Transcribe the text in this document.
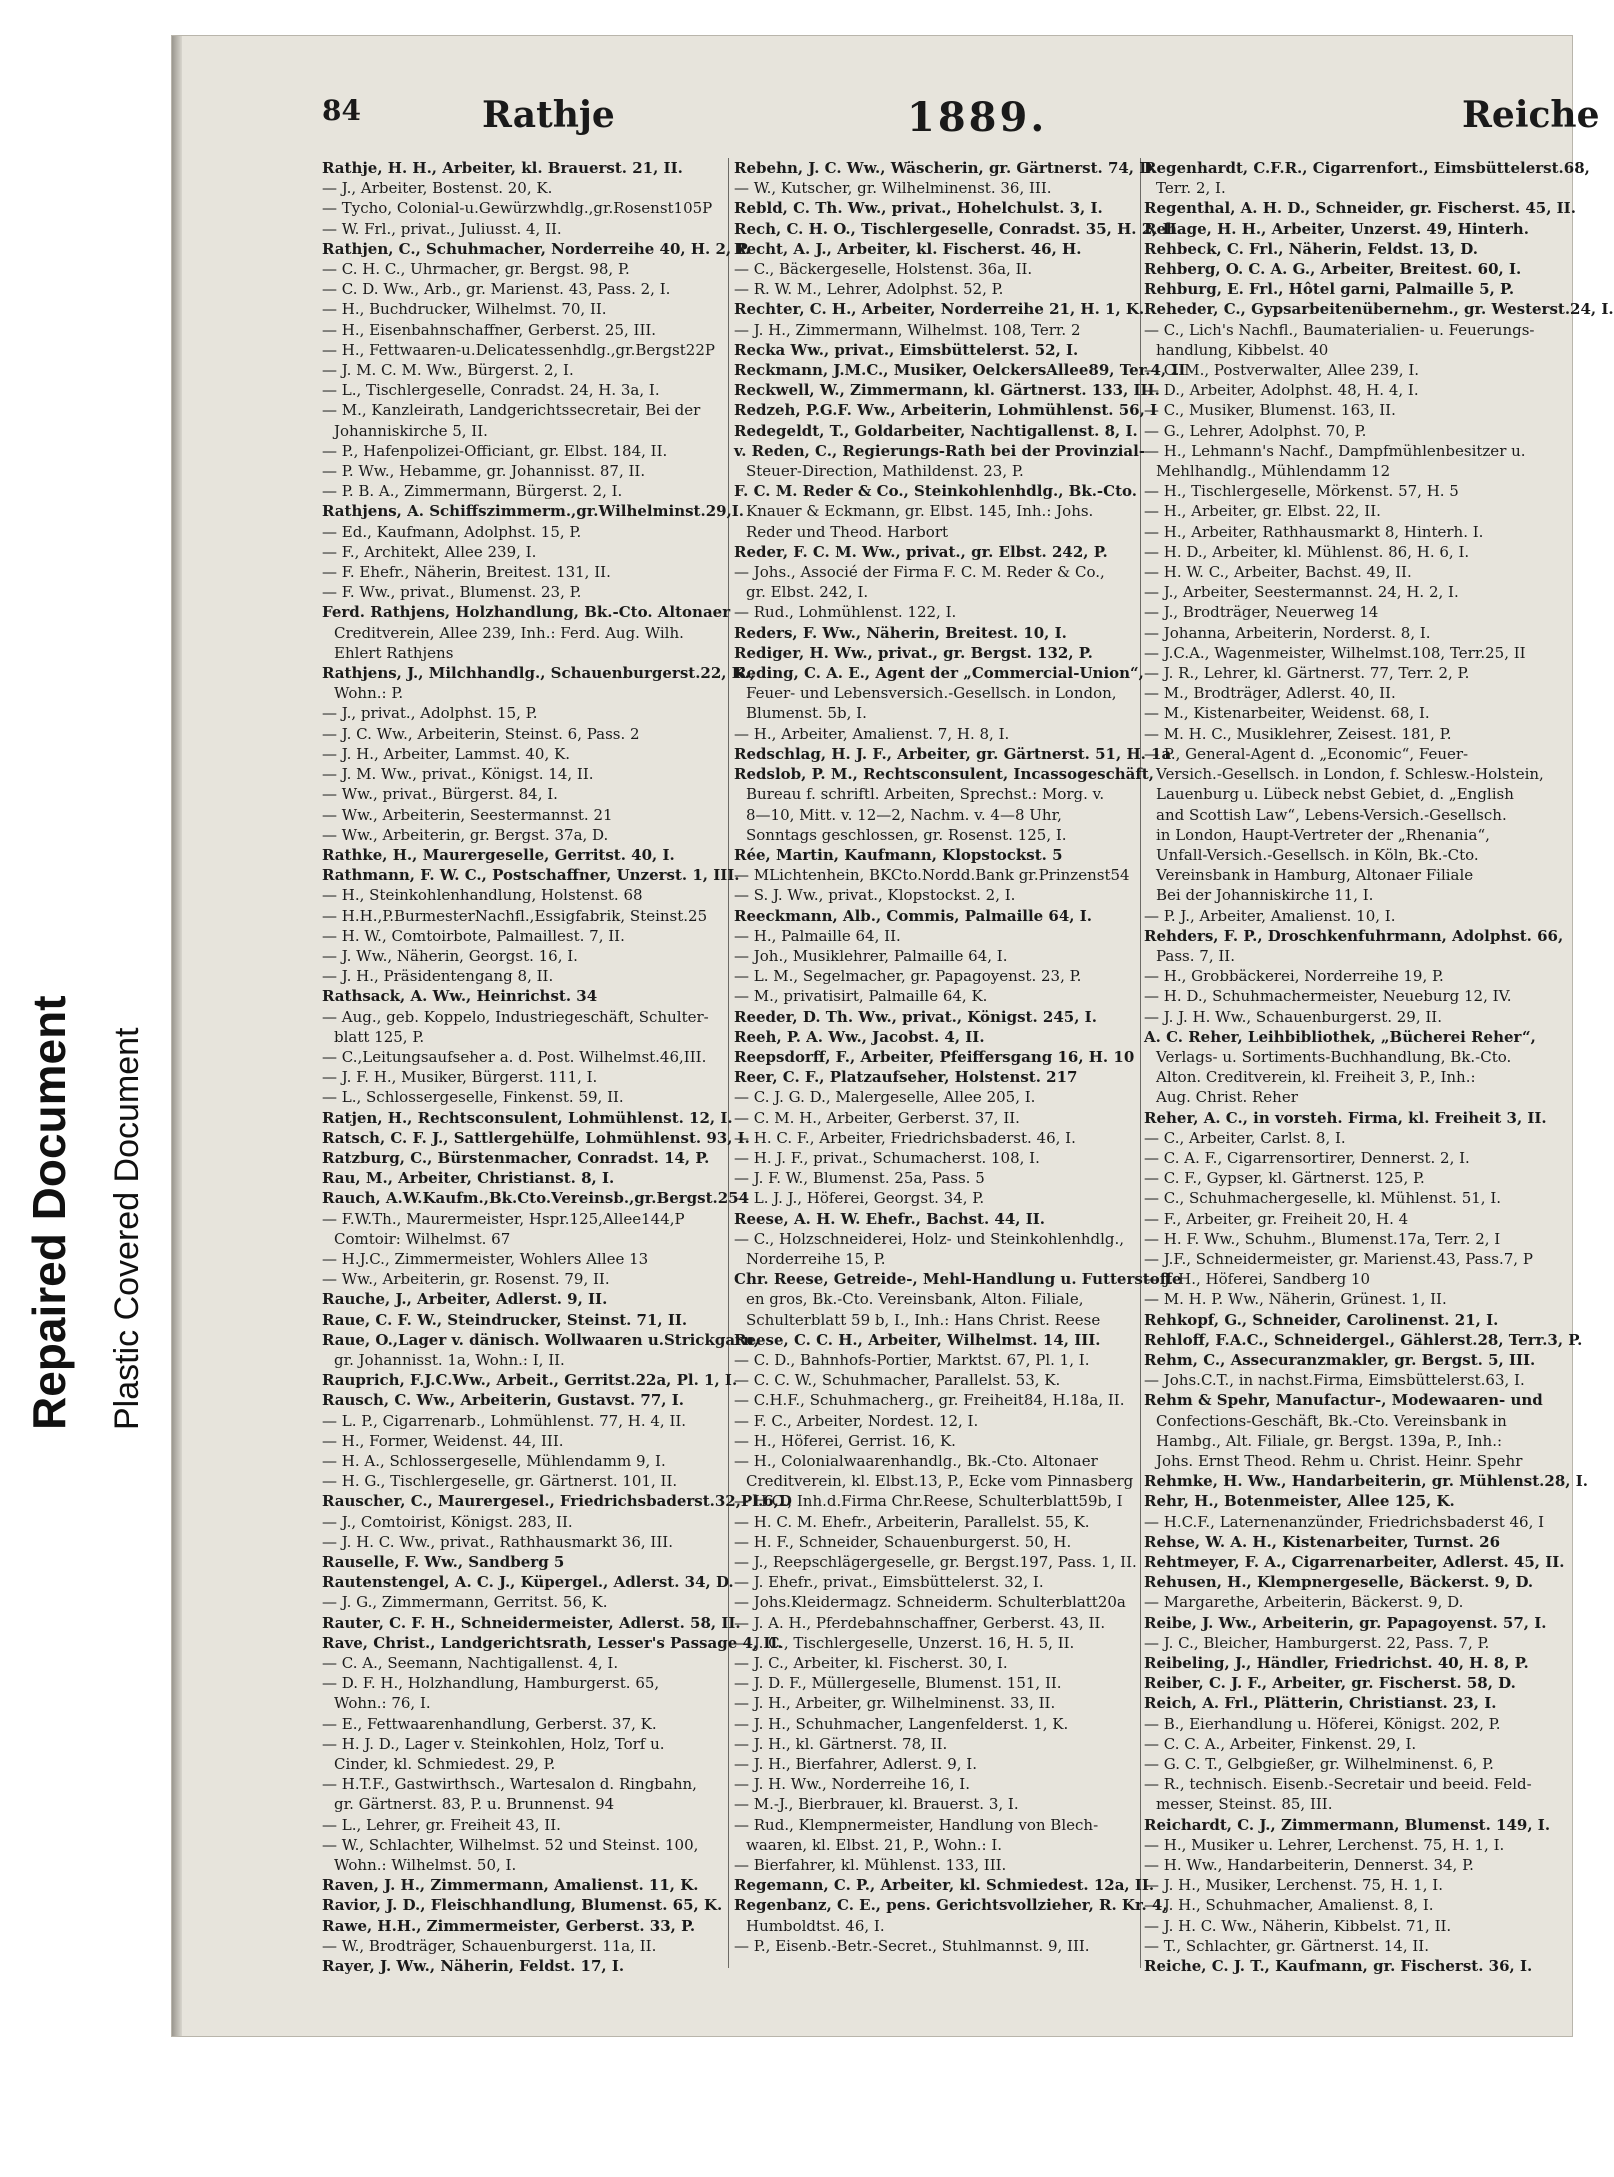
Repaired Document Plastic Covered Document
84	Rathje	1889.	Reiche

Rathje, H. H., Arbeiter, kl. Brauerst. 21, II.

— J., Arbeiter, Bostenst. 20, K.

— Tycho, Colonial-u.Gewürzwhdlg.,gr.Rosenst105P

— W. Frl., privat., Juliusst. 4, II.

Rathjen, C., Schuhmacher, Norderreihe 40, H. 2, P.

— C. H. C., Uhrmacher, gr. Bergst. 98, P.

— C. D. Ww., Arb., gr. Marienst. 43, Pass. 2, I.

— H., Buchdrucker, Wilhelmst. 70, II.

— H., Eisenbahnschaffner, Gerberst. 25, III.

— H., Fettwaaren-u.Delicatessenhdlg.,gr.Bergst22P

— J. M. C. M. Ww., Bürgerst. 2, I.

— L., Tischlergeselle, Conradst. 24, H. 3a, I.

— M., Kanzleirath, Landgerichtssecretair, Bei der

Johanniskirche 5, II.

— P., Hafenpolizei-Officiant, gr. Elbst. 184, II.

— P. Ww., Hebamme, gr. Johannisst. 87, II.

— P. B. A., Zimmermann, Bürgerst. 2, I.

Rathjens, A. Schiffszimmerm.,gr.Wilhelminst.29,I.

— Ed., Kaufmann, Adolphst. 15, P.

— F., Architekt, Allee 239, I.

— F. Ehefr., Näherin, Breitest. 131, II.

— F. Ww., privat., Blumenst. 23, P.

Ferd. Rathjens, Holzhandlung, Bk.-Cto. Altonaer

Creditverein, Allee 239, Inh.: Ferd. Aug. Wilh.

Ehlert Rathjens

Rathjens, J., Milchhandlg., Schauenburgerst.22, K.,

Wohn.: P.

— J., privat., Adolphst. 15, P.

— J. C. Ww., Arbeiterin, Steinst. 6, Pass. 2

— J. H., Arbeiter, Lammst. 40, K.

— J. M. Ww., privat., Königst. 14, II.

— Ww., privat., Bürgerst. 84, I.

— Ww., Arbeiterin, Seestermannst. 21

— Ww., Arbeiterin, gr. Bergst. 37a, D.

Rathke, H., Maurergeselle, Gerritst. 40, I.

Rathmann, F. W. C., Postschaffner, Unzerst. 1, III.

— H., Steinkohlenhandlung, Holstenst. 68

— H.H.,P.BurmesterNachfl.,Essigfabrik, Steinst.25

— H. W., Comtoirbote, Palmaillest. 7, II.

— J. Ww., Näherin, Georgst. 16, I.

— J. H., Präsidentengang 8, II.

Rathsack, A. Ww., Heinrichst. 34

— Aug., geb. Koppelo, Industriegeschäft, Schulter-

blatt 125, P.

— C.,Leitungsaufseher a. d. Post. Wilhelmst.46,III.

— J. F. H., Musiker, Bürgerst. 111, I.

— L., Schlossergeselle, Finkenst. 59, II.

Ratjen, H., Rechtsconsulent, Lohmühlenst. 12, I.

Ratsch, C. F. J., Sattlergehülfe, Lohmühlenst. 93, I.

Ratzburg, C., Bürstenmacher, Conradst. 14, P.

Rau, M., Arbeiter, Christianst. 8, I.

Rauch, A.W.Kaufm.,Bk.Cto.Vereinsb.,gr.Bergst.254

— F.W.Th., Maurermeister, Hspr.125,Allee144,P

Comtoir: Wilhelmst. 67

— H.J.C., Zimmermeister, Wohlers Allee 13

— Ww., Arbeiterin, gr. Rosenst. 79, II.

Rauche, J., Arbeiter, Adlerst. 9, II.

Raue, C. F. W., Steindrucker, Steinst. 71, II.

Raue, O.,Lager v. dänisch. Wollwaaren u.Strickgarn,

gr. Johannisst. 1a, Wohn.: I, II.

Rauprich, F.J.C.Ww., Arbeit., Gerritst.22a, Pl. 1, I.

Rausch, C. Ww., Arbeiterin, Gustavst. 77, I.

— L. P., Cigarrenarb., Lohmühlenst. 77, H. 4, II.

— H., Former, Weidenst. 44, III.

— H. A., Schlossergeselle, Mühlendamm 9, I.

— H. G., Tischlergeselle, gr. Gärtnerst. 101, II.

Rauscher, C., Maurergesel., Friedrichsbaderst.32,Pl.6,D

— J., Comtoirist, Königst. 283, II.

— J. H. C. Ww., privat., Rathhausmarkt 36, III.

Rauselle, F. Ww., Sandberg 5

Rautenstengel, A. C. J., Küpergel., Adlerst. 34, D.

— J. G., Zimmermann, Gerritst. 56, K.

Rauter, C. F. H., Schneidermeister, Adlerst. 58, II.

Rave, Christ., Landgerichtsrath, Lesser's Passage 4, II.

— C. A., Seemann, Nachtigallenst. 4, I.

— D. F. H., Holzhandlung, Hamburgerst. 65,

Wohn.: 76, I.

— E., Fettwaarenhandlung, Gerberst. 37, K.

— H. J. D., Lager v. Steinkohlen, Holz, Torf u.

Cinder, kl. Schmiedest. 29, P.

— H.T.F., Gastwirthsch., Wartesalon d. Ringbahn,

gr. Gärtnerst. 83, P. u. Brunnenst. 94

— L., Lehrer, gr. Freiheit 43, II.

— W., Schlachter, Wilhelmst. 52 und Steinst. 100,

Wohn.: Wilhelmst. 50, I.

Raven, J. H., Zimmermann, Amalienst. 11, K.

Ravior, J. D., Fleischhandlung, Blumenst. 65, K.

Rawe, H.H., Zimmermeister, Gerberst. 33, P.

— W., Brodträger, Schauenburgerst. 11a, II.

Rayer, J. Ww., Näherin, Feldst. 17, I.

Rebehn, J. C. Ww., Wäscherin, gr. Gärtnerst. 74, D.

— W., Kutscher, gr. Wilhelminenst. 36, III.

Rebld, C. Th. Ww., privat., Hohelchulst. 3, I.

Rech, C. H. O., Tischlergeselle, Conradst. 35, H. 2, II.

Recht, A. J., Arbeiter, kl. Fischerst. 46, H.

— C., Bäckergeselle, Holstenst. 36a, II.

— R. W. M., Lehrer, Adolphst. 52, P.

Rechter, C. H., Arbeiter, Norderreihe 21, H. 1, K.

— J. H., Zimmermann, Wilhelmst. 108, Terr. 2

Recka Ww., privat., Eimsbüttelerst. 52, I.

Reckmann, J.M.C., Musiker, OelckersAllee89, Ter.4, II

Reckwell, W., Zimmermann, kl. Gärtnerst. 133, III.

Redzeh, P.G.F. Ww., Arbeiterin, Lohmühlenst. 56, I

Redegeldt, T., Goldarbeiter, Nachtigallenst. 8, I.

v. Reden, C., Regierungs-Rath bei der Provinzial-

Steuer-Direction, Mathildenst. 23, P.

F. C. M. Reder & Co., Steinkohlenhdlg., Bk.-Cto.

Knauer & Eckmann, gr. Elbst. 145, Inh.: Johs.

Reder und Theod. Harbort

Reder, F. C. M. Ww., privat., gr. Elbst. 242, P.

— Johs., Associé der Firma F. C. M. Reder & Co.,

gr. Elbst. 242, I.

— Rud., Lohmühlenst. 122, I.

Reders, F. Ww., Näherin, Breitest. 10, I.

Rediger, H. Ww., privat., gr. Bergst. 132, P.

Reding, C. A. E., Agent der „Commercial-Union“,

Feuer- und Lebensversich.-Gesellsch. in London,

Blumenst. 5b, I.

— H., Arbeiter, Amalienst. 7, H. 8, I.

Redschlag, H. J. F., Arbeiter, gr. Gärtnerst. 51, H. 1a

Redslob, P. M., Rechtsconsulent, Incassogeschäft,

Bureau f. schriftl. Arbeiten, Sprechst.: Morg. v.

8—10, Mitt. v. 12—2, Nachm. v. 4—8 Uhr,

Sonntags geschlossen, gr. Rosenst. 125, I.

Rée, Martin, Kaufmann, Klopstockst. 5

— MLichtenhein, BKCto.Nordd.Bank gr.Prinzenst54

— S. J. Ww., privat., Klopstockst. 2, I.

Reeckmann, Alb., Commis, Palmaille 64, I.

— H., Palmaille 64, II.

— Joh., Musiklehrer, Palmaille 64, I.

— L. M., Segelmacher, gr. Papagoyenst. 23, P.

— M., privatisirt, Palmaille 64, K.

Reeder, D. Th. Ww., privat., Königst. 245, I.

Reeh, P. A. Ww., Jacobst. 4, II.

Reepsdorff, F., Arbeiter, Pfeiffersgang 16, H. 10

Reer, C. F., Platzaufseher, Holstenst. 217

— C. J. G. D., Malergeselle, Allee 205, I.

— C. M. H., Arbeiter, Gerberst. 37, II.

— H. C. F., Arbeiter, Friedrichsbaderst. 46, I.

— H. J. F., privat., Schumacherst. 108, I.

— J. F. W., Blumenst. 25a, Pass. 5

— L. J. J., Höferei, Georgst. 34, P.

Reese, A. H. W. Ehefr., Bachst. 44, II.

— C., Holzschneiderei, Holz- und Steinkohlenhdlg.,

Norderreihe 15, P.

Chr. Reese, Getreide-, Mehl-Handlung u. Futterstoffe

en gros, Bk.-Cto. Vereinsbank, Alton. Filiale,

Schulterblatt 59 b, I., Inh.: Hans Christ. Reese

Reese, C. C. H., Arbeiter, Wilhelmst. 14, III.

— C. D., Bahnhofs-Portier, Marktst. 67, Pl. 1, I.

— C. C. W., Schuhmacher, Parallelst. 53, K.

— C.H.F., Schuhmacherg., gr. Freiheit84, H.18a, II.

— F. C., Arbeiter, Nordest. 12, I.

— H., Höferei, Gerrist. 16, K.

— H., Colonialwaarenhandlg., Bk.-Cto. Altonaer

Creditverein, kl. Elbst.13, P., Ecke vom Pinnasberg

— H.C., Inh.d.Firma Chr.Reese, Schulterblatt59b, I

— H. C. M. Ehefr., Arbeiterin, Parallelst. 55, K.

— H. F., Schneider, Schauenburgerst. 50, H.

— J., Reepschlägergeselle, gr. Bergst.197, Pass. 1, II.

— J. Ehefr., privat., Eimsbüttelerst. 32, I.

— Johs.Kleidermagz. Schneiderm. Schulterblatt20a

— J. A. H., Pferdebahnschaffner, Gerberst. 43, II.

— J. C., Tischlergeselle, Unzerst. 16, H. 5, II.

— J. C., Arbeiter, kl. Fischerst. 30, I.

— J. D. F., Müllergeselle, Blumenst. 151, II.

— J. H., Arbeiter, gr. Wilhelminenst. 33, II.

— J. H., Schuhmacher, Langenfelderst. 1, K.

— J. H., kl. Gärtnerst. 78, II.

— J. H., Bierfahrer, Adlerst. 9, I.

— J. H. Ww., Norderreihe 16, I.

— M.-J., Bierbrauer, kl. Brauerst. 3, I.

— Rud., Klempnermeister, Handlung von Blech-

waaren, kl. Elbst. 21, P., Wohn.: I.

— Bierfahrer, kl. Mühlenst. 133, III.

Regemann, C. P., Arbeiter, kl. Schmiedest. 12a, II.

Regenbanz, C. E., pens. Gerichtsvollzieher, R. Kr. 4,

Humboldtst. 46, I.

— P., Eisenb.-Betr.-Secret., Stuhlmannst. 9, III.

Regenhardt, C.F.R., Cigarrenfort., Eimsbüttelerst.68,

Terr. 2, I.

Regenthal, A. H. D., Schneider, gr. Fischerst. 45, II.

Rehage, H. H., Arbeiter, Unzerst. 49, Hinterh.

Rehbeck, C. Frl., Näherin, Feldst. 13, D.

Rehberg, O. C. A. G., Arbeiter, Breitest. 60, I.

Rehburg, E. Frl., Hôtel garni, Palmaille 5, P.

Reheder, C., Gypsarbeitenübernehm., gr. Westerst.24, I.

— C., Lich's Nachfl., Baumaterialien- u. Feuerungs-

handlung, Kibbelst. 40

— C. M., Postverwalter, Allee 239, I.

— D., Arbeiter, Adolphst. 48, H. 4, I.

— C., Musiker, Blumenst. 163, II.

— G., Lehrer, Adolphst. 70, P.

— H., Lehmann's Nachf., Dampfmühlenbesitzer u.

Mehlhandlg., Mühlendamm 12

— H., Tischlergeselle, Mörkenst. 57, H. 5

— H., Arbeiter, gr. Elbst. 22, II.

— H., Arbeiter, Rathhausmarkt 8, Hinterh. I.

— H. D., Arbeiter, kl. Mühlenst. 86, H. 6, I.

— H. W. C., Arbeiter, Bachst. 49, II.

— J., Arbeiter, Seestermannst. 24, H. 2, I.

— J., Brodträger, Neuerweg 14

— Johanna, Arbeiterin, Norderst. 8, I.

— J.C.A., Wagenmeister, Wilhelmst.108, Terr.25, II

— J. R., Lehrer, kl. Gärtnerst. 77, Terr. 2, P.

— M., Brodträger, Adlerst. 40, II.

— M., Kistenarbeiter, Weidenst. 68, I.

— M. H. C., Musiklehrer, Zeisest. 181, P.

— P., General-Agent d. „Economic“, Feuer-

Versich.-Gesellsch. in London, f. Schlesw.-Holstein,

Lauenburg u. Lübeck nebst Gebiet, d. „English

and Scottish Law“, Lebens-Versich.-Gesellsch.

in London, Haupt-Vertreter der „Rhenania“,

Unfall-Versich.-Gesellsch. in Köln, Bk.-Cto.

Vereinsbank in Hamburg, Altonaer Filiale

Bei der Johanniskirche 11, I.

— P. J., Arbeiter, Amalienst. 10, I.

Rehders, F. P., Droschkenfuhrmann, Adolphst. 66,

Pass. 7, II.

— H., Grobbäckerei, Norderreihe 19, P.

— H. D., Schuhmachermeister, Neueburg 12, IV.

— J. J. H. Ww., Schauenburgerst. 29, II.

A. C. Reher, Leihbibliothek, „Bücherei Reher“,

Verlags- u. Sortiments-Buchhandlung, Bk.-Cto.

Alton. Creditverein, kl. Freiheit 3, P., Inh.:

Aug. Christ. Reher

Reher, A. C., in vorsteh. Firma, kl. Freiheit 3, II.

— C., Arbeiter, Carlst. 8, I.

— C. A. F., Cigarrensortirer, Dennerst. 2, I.

— C. F., Gypser, kl. Gärtnerst. 125, P.

— C., Schuhmachergeselle, kl. Mühlenst. 51, I.

— F., Arbeiter, gr. Freiheit 20, H. 4

— H. F. Ww., Schuhm., Blumenst.17a, Terr. 2, I

— J.F., Schneidermeister, gr. Marienst.43, Pass.7, P

— J. H., Höferei, Sandberg 10

— M. H. P. Ww., Näherin, Grünest. 1, II.

Rehkopf, G., Schneider, Carolinenst. 21, I.

Rehloff, F.A.C., Schneidergel., Gählerst.28, Terr.3, P.

Rehm, C., Assecuranzmakler, gr. Bergst. 5, III.

— Johs.C.T., in nachst.Firma, Eimsbüttelerst.63, I.

Rehm & Spehr, Manufactur-, Modewaaren- und

Confections-Geschäft, Bk.-Cto. Vereinsbank in

Hambg., Alt. Filiale, gr. Bergst. 139a, P., Inh.:

Johs. Ernst Theod. Rehm u. Christ. Heinr. Spehr

Rehmke, H. Ww., Handarbeiterin, gr. Mühlenst.28, I.

Rehr, H., Botenmeister, Allee 125, K.

— H.C.F., Laternenanzünder, Friedrichsbaderst 46, I

Rehse, W. A. H., Kistenarbeiter, Turnst. 26

Rehtmeyer, F. A., Cigarrenarbeiter, Adlerst. 45, II.

Rehusen, H., Klempnergeselle, Bäckerst. 9, D.

— Margarethe, Arbeiterin, Bäckerst. 9, D.

Reibe, J. Ww., Arbeiterin, gr. Papagoyenst. 57, I.

— J. C., Bleicher, Hamburgerst. 22, Pass. 7, P.

Reibeling, J., Händler, Friedrichst. 40, H. 8, P.

Reiber, C. J. F., Arbeiter, gr. Fischerst. 58, D.

Reich, A. Frl., Plätterin, Christianst. 23, I.

— B., Eierhandlung u. Höferei, Königst. 202, P.

— C. C. A., Arbeiter, Finkenst. 29, I.

— G. C. T., Gelbgießer, gr. Wilhelminenst. 6, P.

— R., technisch. Eisenb.-Secretair und beeid. Feld-

messer, Steinst. 85, III.

Reichardt, C. J., Zimmermann, Blumenst. 149, I.

— H., Musiker u. Lehrer, Lerchenst. 75, H. 1, I.

— H. Ww., Handarbeiterin, Dennerst. 34, P.

— J. H., Musiker, Lerchenst. 75, H. 1, I.

— J. H., Schuhmacher, Amalienst. 8, I.

— J. H. C. Ww., Näherin, Kibbelst. 71, II.

— T., Schlachter, gr. Gärtnerst. 14, II.

Reiche, C. J. T., Kaufmann, gr. Fischerst. 36, I.
